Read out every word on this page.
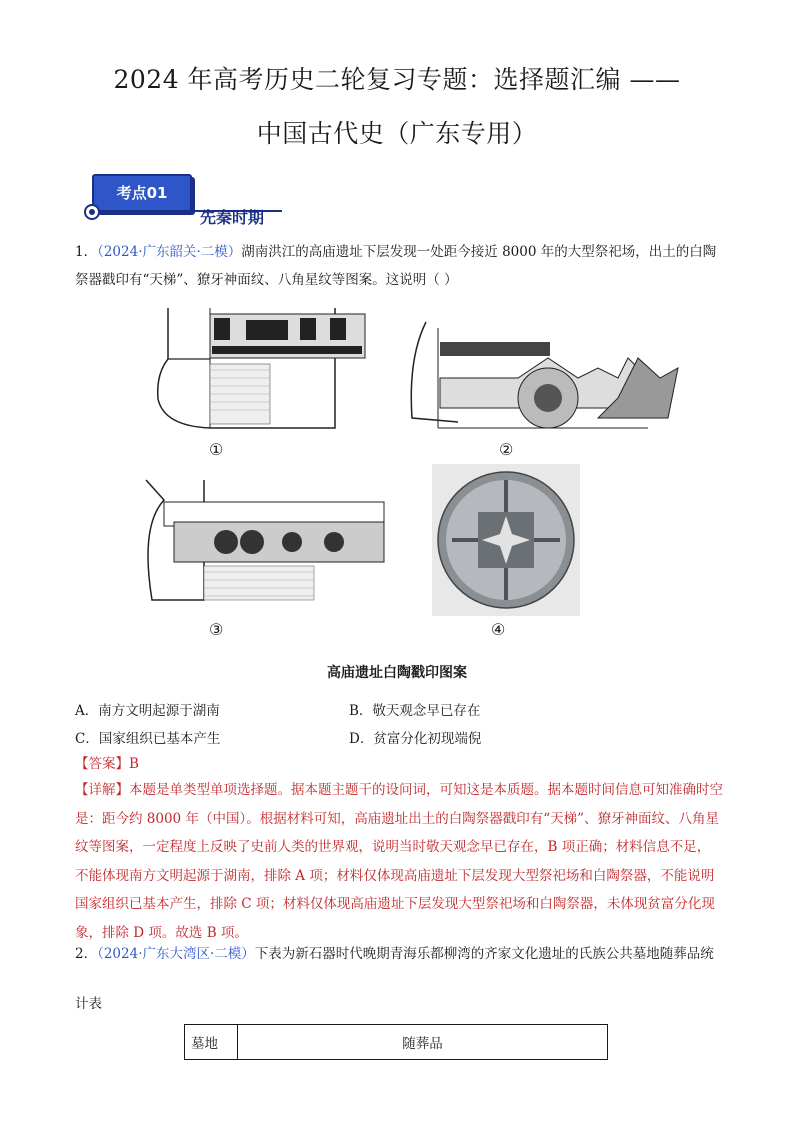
2024 年高考历史二轮复习专题：选择题汇编 ——
中国古代史（广东专用）
考点01
先秦时期
1．（2024·广东韶关·二模）湖南洪江的高庙遗址下层发现一处距今接近 8000 年的大型祭祀场，出土的白陶祭器戳印有“天梯”、獠牙神面纹、八角星纹等图案。这说明（ ）
①	②
③	④
高庙遗址白陶戳印图案
A．南方文明起源于湖南	B．敬天观念早已存在
C．国家组织已基本产生	D．贫富分化初现端倪
【答案】B
【详解】本题是单类型单项选择题。据本题主题干的设问词，可知这是本质题。据本题时间信息可知准确时空是：距今约 8000 年（中国）。根据材料可知，高庙遗址出土的白陶祭器戳印有“天梯”、獠牙神面纹、八角星纹等图案，一定程度上反映了史前人类的世界观，说明当时敬天观念早已存在，B 项正确；材料信息不足，不能体现南方文明起源于湖南，排除 A 项；材料仅体现高庙遗址下层发现大型祭祀场和白陶祭器，不能说明国家组织已基本产生，排除 C 项；材料仅体现高庙遗址下层发现大型祭祀场和白陶祭器，未体现贫富分化现象，排除 D 项。故选 B 项。
2．（2024·广东大湾区·二模）下表为新石器时代晚期青海乐都柳湾的齐家文化遗址的氏族公共墓地随葬品统
计表
墓地	随葬品
